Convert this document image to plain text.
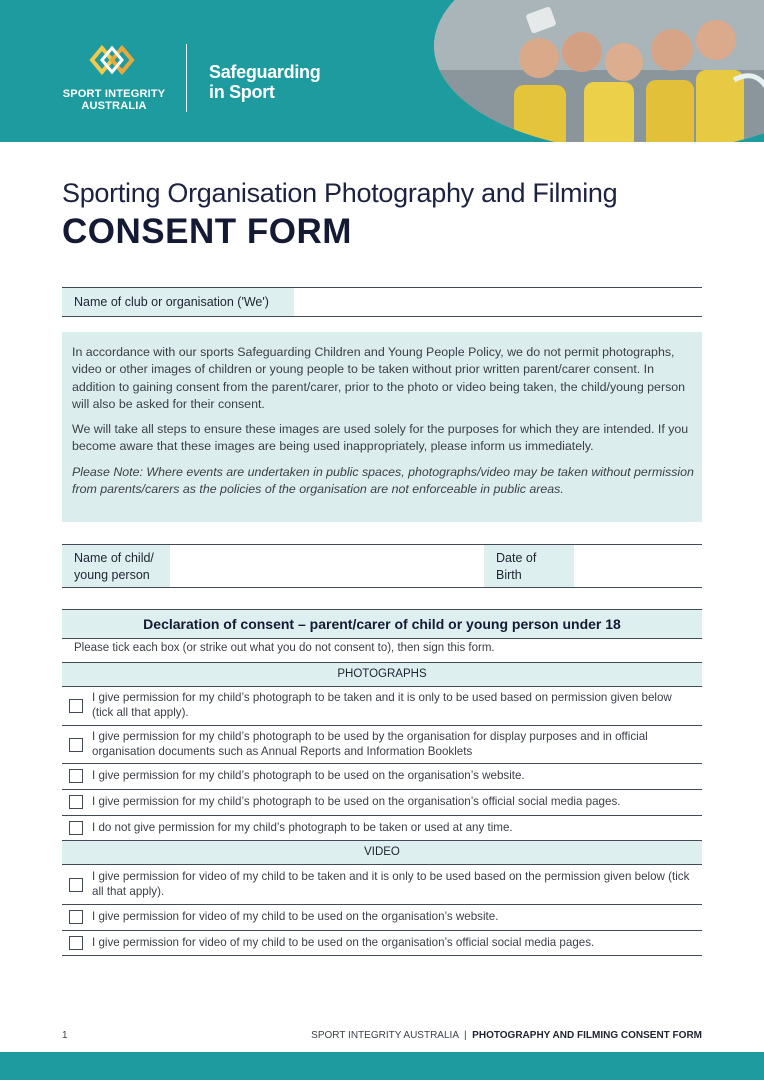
SPORT INTEGRITY
AUSTRALIA
Safeguarding
in Sport
Sporting Organisation Photography and Filming
CONSENT FORM
Name of club or organisation ('We')

In accordance with our sports Safeguarding Children and Young People Policy, we do not permit photographs, video or other images of children or young people to be taken without prior written parent/carer consent. In addition to gaining consent from the parent/carer, prior to the photo or video being taken, the child/young person will also be asked for their consent.

We will take all steps to ensure these images are used solely for the purposes for which they are intended. If you become aware that these images are being used inappropriately, please inform us immediately.

Please Note: Where events are undertaken in public spaces, photographs/video may be taken without permission from parents/carers as the policies of the organisation are not enforceable in public areas.

Name of child/
young person
Date of
Birth
Declaration of consent – parent/carer of child or young person under 18
Please tick each box (or strike out what you do not consent to), then sign this form.
PHOTOGRAPHS
I give permission for my child’s photograph to be taken and it is only to be used based on permission given below (tick all that apply).
I give permission for my child’s photograph to be used by the organisation for display purposes and in official organisation documents such as Annual Reports and Information Booklets
I give permission for my child’s photograph to be used on the organisation’s website.
I give permission for my child’s photograph to be used on the organisation’s official social media pages.
I do not give permission for my child’s photograph to be taken or used at any time.
VIDEO
I give permission for video of my child to be taken and it is only to be used based on the permission given below (tick all that apply).
I give permission for video of my child to be used on the organisation’s website.
I give permission for video of my child to be used on the organisation’s official social media pages.
1	SPORT INTEGRITY AUSTRALIA | PHOTOGRAPHY AND FILMING CONSENT FORM
